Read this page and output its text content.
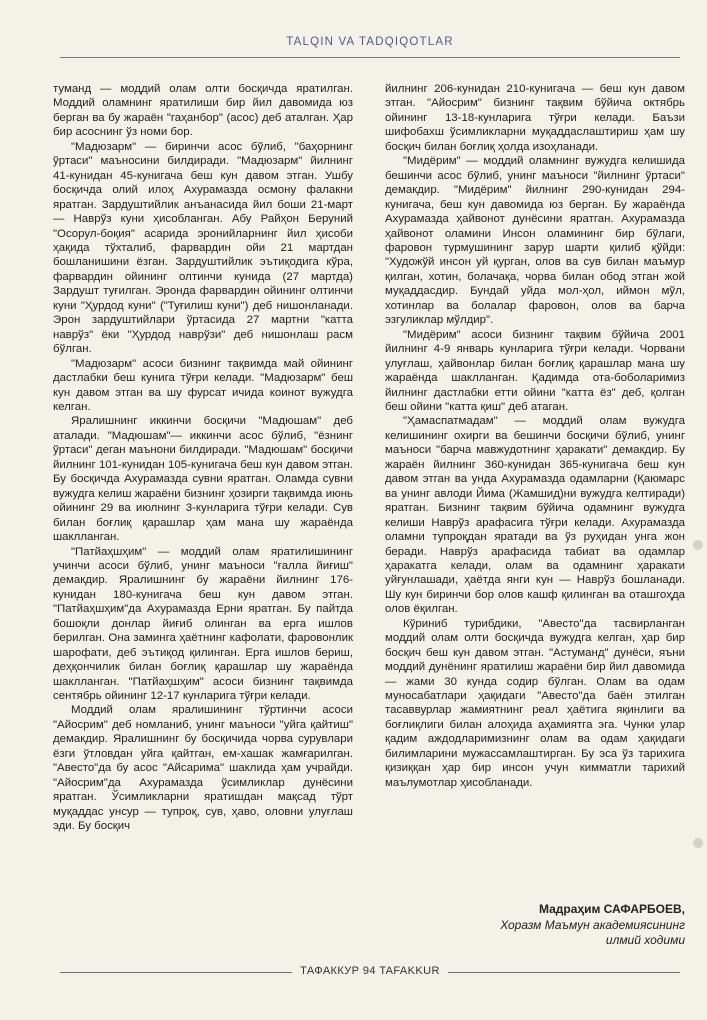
TALQIN VA TADQIQOTLAR

туманд — моддий олам олти босқичда яратилган. Моддий оламнинг яратилиши бир йил давомида юз берган ва бу жараён "гаҳанбор" (асос) деб аталган. Ҳар бир асоснинг ўз номи бор.

"Мадюзарм" — биринчи асос бўлиб, "баҳорнинг ўртаси" маъносини билдиради. "Мадюзарм" йилнинг 41-кунидан 45-кунигача беш кун давом этган. Ушбу босқичда олий илоҳ Ахурамазда осмону фалакни яратган. Зардуштийлик анъанасида йил боши 21-март — Наврўз куни ҳисобланган. Абу Райҳон Беруний "Осорул-боқия" асарида эронийларнинг йил ҳисоби ҳақида тўхталиб, фарвардин ойи 21 мартдан бошланишини ёзган. Зардуштийлик эътиқодига кўра, фарвардин ойининг олтинчи кунида (27 мартда) Зардушт туғилган. Эронда фарвардин ойининг олтинчи куни "Ҳурдод куни" ("Туғилиш куни") деб нишонланади. Эрон зардуштийлари ўртасида 27 мартни "катта наврўз" ёки "Ҳурдод наврўзи" деб нишонлаш расм бўлган.

"Мадюзарм" асоси бизнинг тақвимда май ойининг дастлабки беш кунига тўғри келади. "Мадюзарм" беш кун давом этган ва шу фурсат ичида коинот вужудга келган.

Яралишнинг иккинчи босқичи "Мадюшам" деб аталади. "Мадюшам"— иккинчи асос бўлиб, "ёзнинг ўртаси" деган маънони билдиради. "Мадюшам" босқичи йилнинг 101-кунидан 105-кунигача беш кун давом этган. Бу босқичда Ахурамазда сувни яратган. Оламда сувни вужудга келиш жараёни бизнинг ҳозирги тақвимда июнь ойининг 29 ва июлнинг 3-кунларига тўғри келади. Сув билан боғлиқ қарашлар ҳам мана шу жараёнда шаклланган.

"Патйаҳшҳим" — моддий олам яратилишининг учинчи асоси бўлиб, унинг маъноси "ғалла йиғиш" демакдир. Яралишнинг бу жараёни йилнинг 176-кунидан 180-кунигача беш кун давом этган. "Патйаҳшҳим"да Ахурамазда Ерни яратган. Бу пайтда бошоқли донлар йиғиб олинган ва ерга ишлов берилган. Она заминга ҳаётнинг кафолати, фаровонлик шарофати, деб эътиқод қилинган. Ерга ишлов бериш, деҳқончилик билан боғлиқ қарашлар шу жараёнда шаклланган. "Патйаҳшҳим" асоси бизнинг тақвимда сентябрь ойининг 12-17 кунларига тўғри келади.

Моддий олам яралишининг тўртинчи асоси "Айосрим" деб номланиб, унинг маъноси "уйга қайтиш" демакдир. Яралишнинг бу босқичида чорва сурувлари ёзги ўтловдан уйга қайтган, ем-хашак жамғарилган. "Авесто"да бу асос "Айсарима" шаклида ҳам учрайди. "Айосрим"да Ахурамазда ўсимликлар дунёсини яратган. Ўсимликларни яратишдан мақсад тўрт муқаддас унсур — тупроқ, сув, ҳаво, оловни улуғлаш эди. Бу босқич

йилнинг 206-кунидан 210-кунигача — беш кун давом этган. "Айосрим" бизнинг тақвим бўйича октябрь ойининг 13-18-кунларига тўғри келади. Баъзи шифобахш ўсимликларни муқаддаслаштириш ҳам шу босқич билан боғлиқ ҳолда изоҳланади.

"Мидёрим" — моддий оламнинг вужудга келишида бешинчи асос бўлиб, унинг маъноси "йилнинг ўртаси" демакдир. "Мидёрим" йилнинг 290-кунидан 294-кунигача, беш кун давомида юз берган. Бу жараёнда Ахурамазда ҳайвонот дунёсини яратган. Ахурамазда ҳайвонот оламини Инсон оламининг бир бўлаги, фаровон турмушининг зарур шарти қилиб қўйди: "Художўй инсон уй қурган, олов ва сув билан маъмур қилган, хотин, болачақа, чорва билан обод этган жой муқаддасдир. Бундай уйда мол-ҳол, иймон мўл, хотинлар ва болалар фаровон, олов ва барча эзгуликлар мўлдир".

"Мидёрим" асоси бизнинг тақвим бўйича 2001 йилнинг 4-9 январь кунларига тўғри келади. Чорвани улуғлаш, ҳайвонлар билан боғлиқ қарашлар мана шу жараёнда шаклланган. Қадимда ота-боболаримиз йилнинг дастлабки етти ойини "катта ёз" деб, қолган беш ойини "катта қиш" деб атаган.

"Ҳамаспатмадам" — моддий олам вужудга келишининг охирги ва бешинчи босқичи бўлиб, унинг маъноси "барча мавжудотнинг ҳаракати" демакдир. Бу жараён йилнинг 360-кунидан 365-кунигача беш кун давом этган ва унда Ахурамазда одамларни (Қаюмарс ва унинг авлоди Йима (Жамшид)ни вужудга келтиради) яратган. Бизнинг тақвим бўйича одамнинг вужудга келиши Наврўз арафасига тўғри келади. Ахурамазда оламни тупроқдан яратади ва ўз руҳидан унга жон беради. Наврўз арафасида табиат ва одамлар ҳаракатга келади, олам ва одамнинг ҳаракати уйғунлашади, ҳаётда янги кун — Наврўз бошланади. Шу кун биринчи бор олов кашф қилинган ва оташгоҳда олов ёқилган.

Кўриниб турибдики, "Авесто"да тасвирланган моддий олам олти босқичда вужудга келган, ҳар бир босқич беш кун давом этган. "Астуманд" дунёси, яъни моддий дунёнинг яратилиш жараёни бир йил давомида — жами 30 кунда содир бўлган. Олам ва одам муносабатлари ҳақидаги "Авесто"да баён этилган тасаввурлар жамиятнинг реал ҳаётига яқинлиги ва боғлиқлиги билан алоҳида аҳамиятга эга. Чунки улар қадим аждодларимизнинг олам ва одам ҳақидаги билимларини мужассамлаштирган. Бу эса ўз тарихига қизиққан ҳар бир инсон учун кимматли тарихий маълумотлар ҳисобланади.

Мадраҳим САФАРБОЕВ,
Хоразм Маъмун академиясининг
илмий ходими
ТАФАККУР 94 TAFAKKUR
